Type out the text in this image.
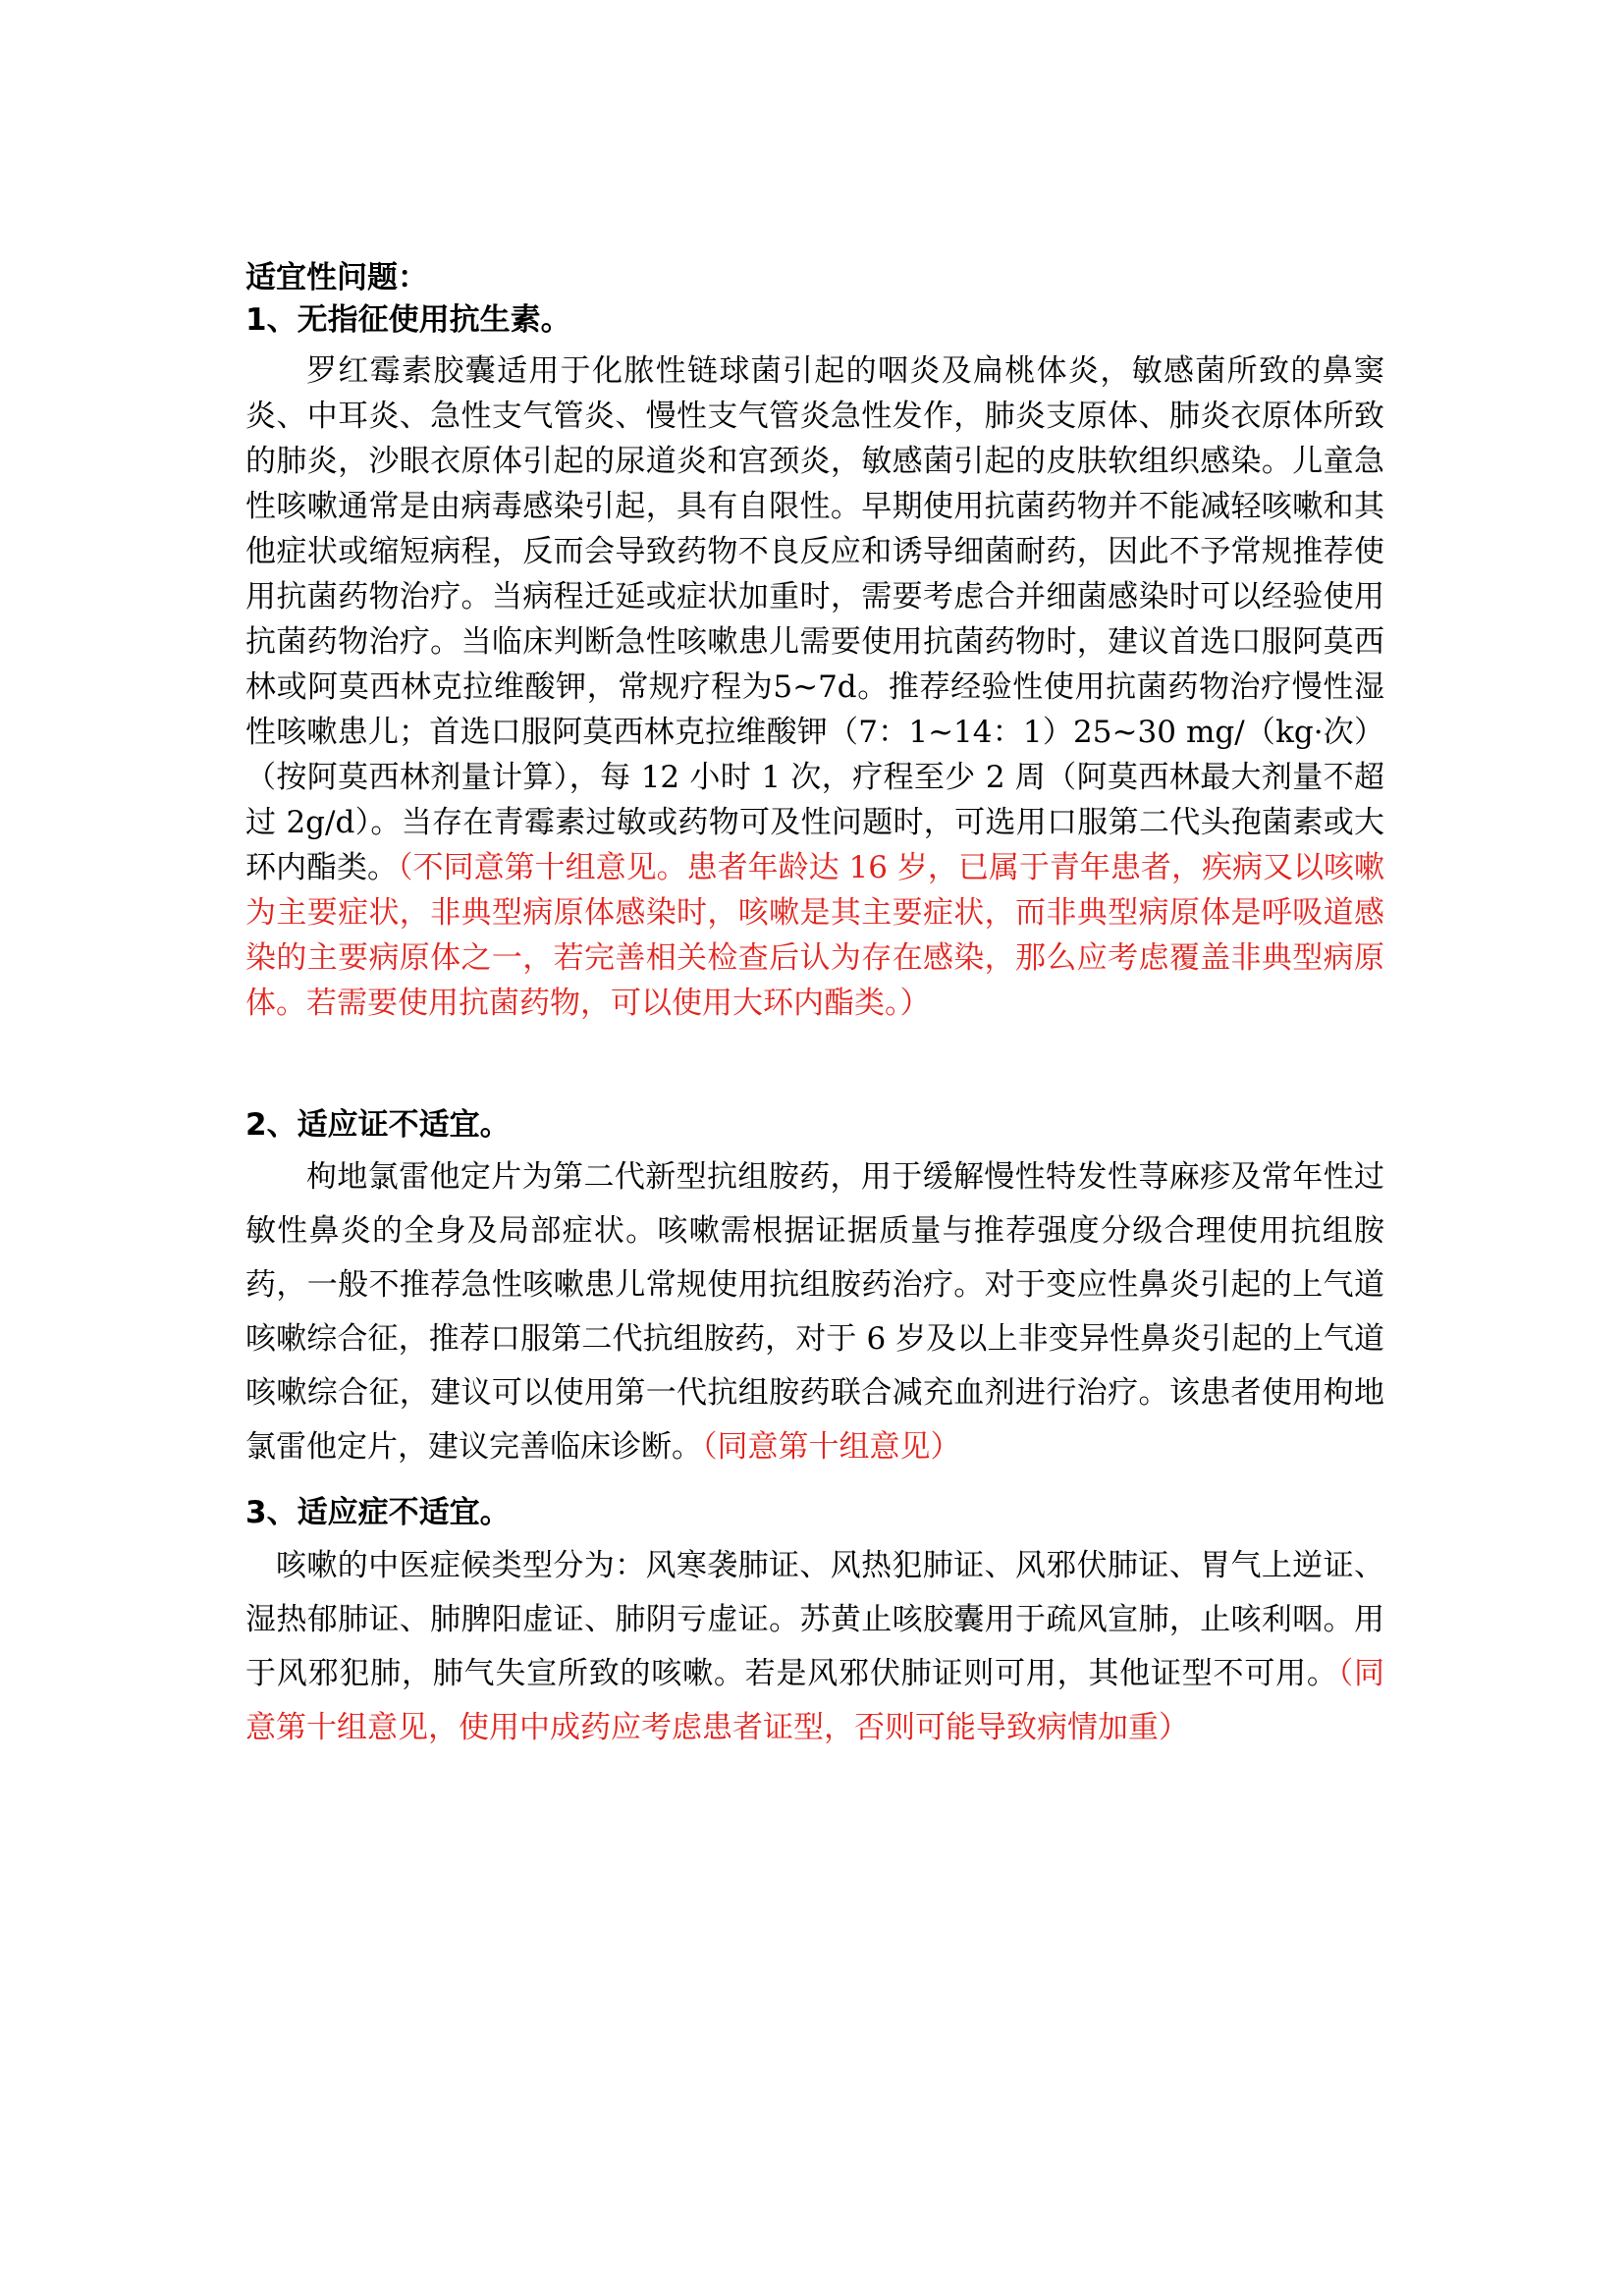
适宜性问题：

1、无指征使用抗生素。

罗红霉素胶囊适用于化脓性链球菌引起的咽炎及扁桃体炎，敏感菌所致的鼻窦炎、中耳炎、急性支气管炎、慢性支气管炎急性发作，肺炎支原体、肺炎衣原体所致的肺炎，沙眼衣原体引起的尿道炎和宫颈炎，敏感菌引起的皮肤软组织感染。儿童急性咳嗽通常是由病毒感染引起，具有自限性。早期使用抗菌药物并不能减轻咳嗽和其他症状或缩短病程，反而会导致药物不良反应和诱导细菌耐药，因此不予常规推荐使用抗菌药物治疗。当病程迁延或症状加重时，需要考虑合并细菌感染时可以经验使用抗菌药物治疗。当临床判断急性咳嗽患儿需要使用抗菌药物时，建议首选口服阿莫西林或阿莫西林克拉维酸钾，常规疗程为5~7d。推荐经验性使用抗菌药物治疗慢性湿性咳嗽患儿；首选口服阿莫西林克拉维酸钾（7：1~14：1）25~30 mg/（kg·次）（按阿莫西林剂量计算），每 12 小时 1 次，疗程至少 2 周（阿莫西林最大剂量不超过 2g/d）。当存在青霉素过敏或药物可及性问题时，可选用口服第二代头孢菌素或大环内酯类。（不同意第十组意见。患者年龄达 16 岁，已属于青年患者，疾病又以咳嗽为主要症状，非典型病原体感染时，咳嗽是其主要症状，而非典型病原体是呼吸道感染的主要病原体之一，若完善相关检查后认为存在感染，那么应考虑覆盖非典型病原体。若需要使用抗菌药物，可以使用大环内酯类。）

2、适应证不适宜。

枸地氯雷他定片为第二代新型抗组胺药，用于缓解慢性特发性荨麻疹及常年性过敏性鼻炎的全身及局部症状。咳嗽需根据证据质量与推荐强度分级合理使用抗组胺药，一般不推荐急性咳嗽患儿常规使用抗组胺药治疗。对于变应性鼻炎引起的上气道咳嗽综合征，推荐口服第二代抗组胺药，对于 6 岁及以上非变异性鼻炎引起的上气道咳嗽综合征，建议可以使用第一代抗组胺药联合减充血剂进行治疗。该患者使用枸地氯雷他定片，建议完善临床诊断。（同意第十组意见）

3、适应症不适宜。

咳嗽的中医症候类型分为：风寒袭肺证、风热犯肺证、风邪伏肺证、胃气上逆证、湿热郁肺证、肺脾阳虚证、肺阴亏虚证。苏黄止咳胶囊用于疏风宣肺，止咳利咽。用于风邪犯肺，肺气失宣所致的咳嗽。若是风邪伏肺证则可用，其他证型不可用。（同意第十组意见，使用中成药应考虑患者证型，否则可能导致病情加重）
